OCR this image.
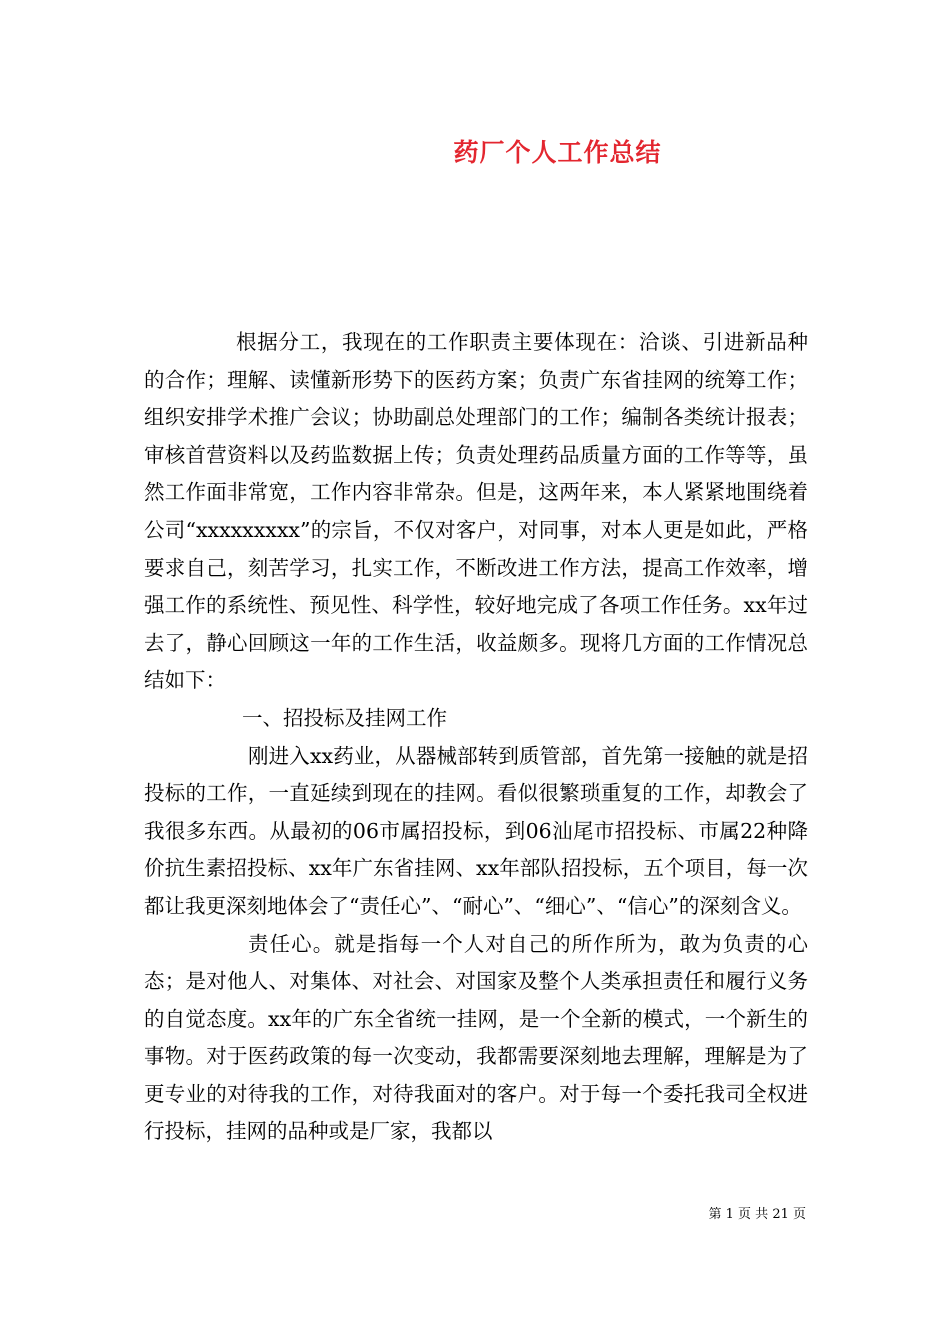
药厂个人工作总结

根据分工，我现在的工作职责主要体现在：洽谈、引进新品种的合作；理解、读懂新形势下的医药方案；负责广东省挂网的统筹工作；组织安排学术推广会议；协助副总处理部门的工作；编制各类统计报表；审核首营资料以及药监数据上传；负责处理药品质量方面的工作等等，虽然工作面非常宽，工作内容非常杂。但是，这两年来，本人紧紧地围绕着公司“xxxxxxxxx”的宗旨，不仅对客户，对同事，对本人更是如此，严格要求自己，刻苦学习，扎实工作，不断改进工作方法，提高工作效率，增强工作的系统性、预见性、科学性，较好地完成了各项工作任务。xx年过去了，静心回顾这一年的工作生活，收益颇多。现将几方面的工作情况总结如下：

一、招投标及挂网工作

刚进入xx药业，从器械部转到质管部，首先第一接触的就是招投标的工作，一直延续到现在的挂网。看似很繁琐重复的工作，却教会了我很多东西。从最初的06市属招投标，到06汕尾市招投标、市属22种降价抗生素招投标、xx年广东省挂网、xx年部队招投标，五个项目，每一次都让我更深刻地体会了“责任心”、“耐心”、“细心”、“信心”的深刻含义。

责任心。就是指每一个人对自己的所作所为，敢为负责的心态；是对他人、对集体、对社会、对国家及整个人类承担责任和履行义务的自觉态度。xx年的广东全省统一挂网，是一个全新的模式，一个新生的事物。对于医药政策的每一次变动，我都需要深刻地去理解，理解是为了更专业的对待我的工作，对待我面对的客户。对于每一个委托我司全权进行投标，挂网的品种或是厂家，我都以

第 1 页 共 21 页
